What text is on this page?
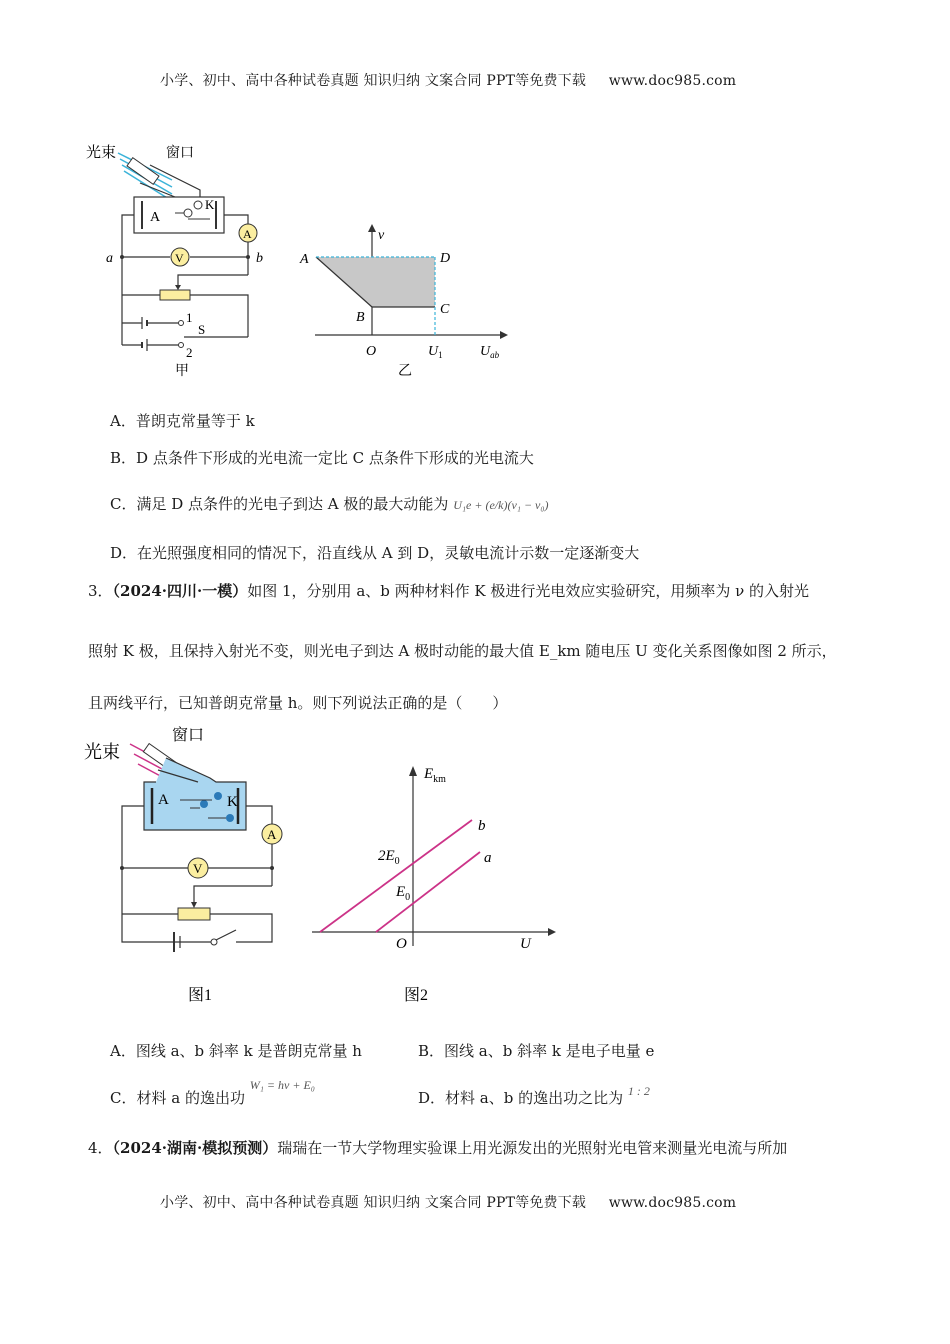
小学、初中、高中各种试卷真题 知识归纳 文案合同 PPT等免费下载 www.doc985.com
光束	窗口
A
K
A
V
a	b
1
2
S
甲
ν
A
B
C
D
O	$U_1$	$U_{ab}$
乙
A．普朗克常量等于 k
B．D 点条件下形成的光电流一定比 C 点条件下形成的光电流大
C．满足 D 点条件的光电子到达 A 极的最大动能为 U₁e + (e/k)(ν₁ − ν₀)
D．在光照强度相同的情况下，沿直线从 A 到 D，灵敏电流计示数一定逐渐变大
3．（2024·四川·一模）如图 1，分别用 a、b 两种材料作 K 极进行光电效应实验研究，用频率为 ν 的入射光
照射 K 极，且保持入射光不变，则光电子到达 A 极时动能的最大值 E_km 随电压 U 变化关系图像如图 2 所示，
且两线平行，已知普朗克常量 h。则下列说法正确的是（　　）
光束
窗口
A	K
A
V
图1
$E_{km}$
b
a
$2E_0$
$E_0$
O	U
图2
A．图线 a、b 斜率 k 是普朗克常量 h	B．图线 a、b 斜率 k 是电子电量 e
C．材料 a 的逸出功 $^{W_1 = h\nu + E_0}$
D．材料 a、b 的逸出功之比为 $^{1 : 2}$
4．（2024·湖南·模拟预测）瑞瑞在一节大学物理实验课上用光源发出的光照射光电管来测量光电流与所加
小学、初中、高中各种试卷真题 知识归纳 文案合同 PPT等免费下载 www.doc985.com
